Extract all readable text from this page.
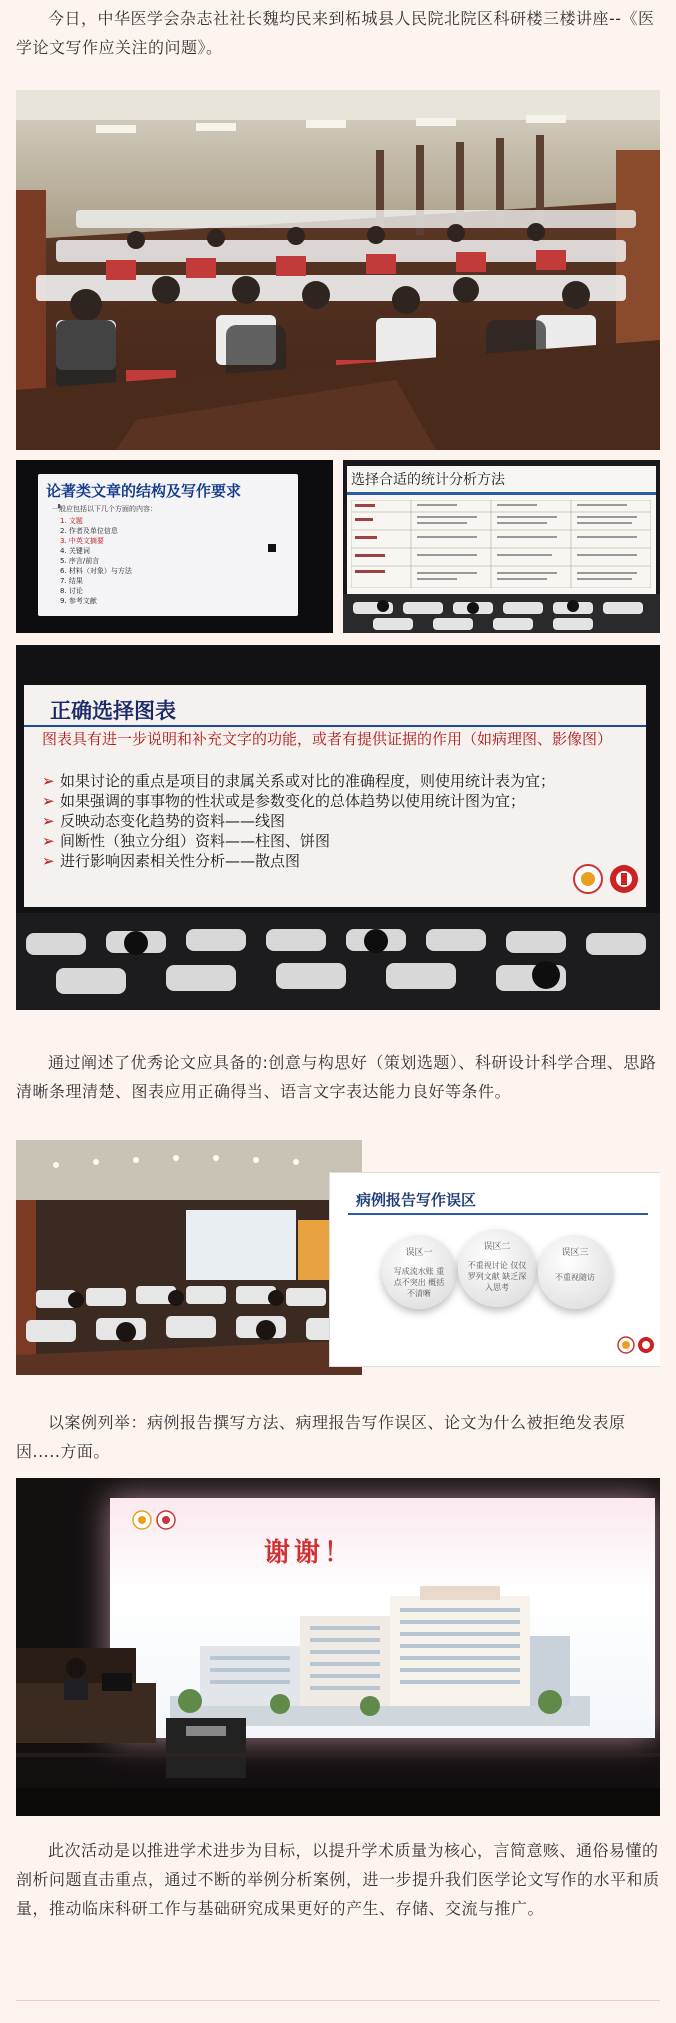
今日，中华医学会杂志社社长魏均民来到柘城县人民院北院区科研楼三楼讲座--《医学论文写作应关注的问题》。

论著类文章的结构及写作要求
一般应包括以下几个方面的内容：
1. 文题
2. 作者及单位信息
3. 中英文摘要
4. 关键词
5. 序言/前言
6. 材料（对象）与方法
7. 结果
8. 讨论
9. 参考文献
选择合适的统计分析方法
正确选择图表
图表具有进一步说明和补充文字的功能，或者有提供证据的作用（如病理图、影像图）
➢ 如果讨论的重点是项目的隶属关系或对比的准确程度，则使用统计表为宜；
➢ 如果强调的事事物的性状或是参数变化的总体趋势以使用统计图为宜；
➢ 反映动态变化趋势的资料——线图
➢ 间断性（独立分组）资料——柱图、饼图
➢ 进行影响因素相关性分析——散点图

通过阐述了优秀论文应具备的:创意与构思好（策划选题）、科研设计科学合理、思路清晰条理清楚、图表应用正确得当、语言文字表达能力良好等条件。

病例报告写作误区
误区一
写成流水账 重点不突出 概括不清晰
误区二
不重视讨论 仅仅罗列文献 缺乏深入思考
误区三
不重视随访

以案例列举：病例报告撰写方法、病理报告写作误区、论文为什么被拒绝发表原因.....方面。

谢谢！

此次活动是以推进学术进步为目标，以提升学术质量为核心，言简意赅、通俗易懂的剖析问题直击重点，通过不断的举例分析案例，进一步提升我们医学论文写作的水平和质量，推动临床科研工作与基础研究成果更好的产生、存储、交流与推广。
